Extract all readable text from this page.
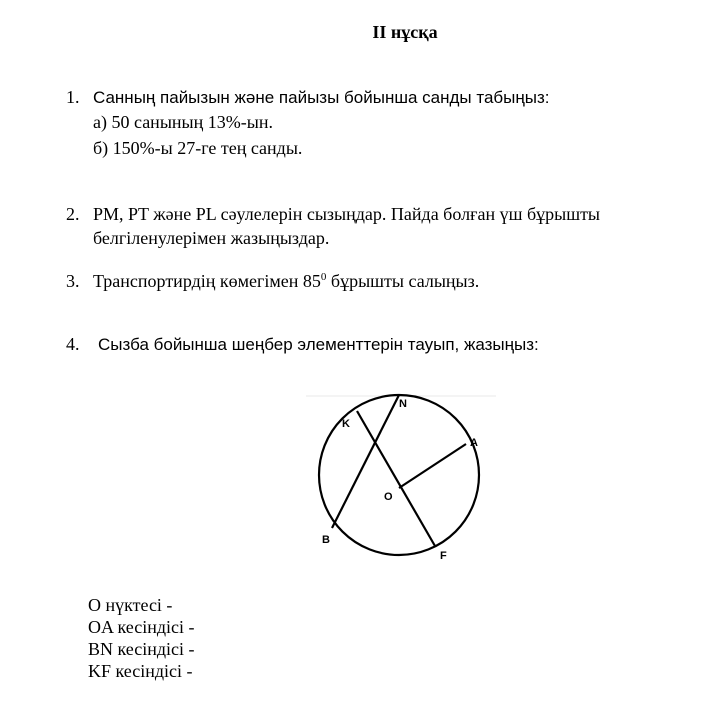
II нұсқа
1. Санның пайызын және пайызы бойынша санды табыңыз:
а) 50 санының 13%-ын.
б) 150%-ы 27-ге тең санды.
2. PM, PT және PL сәулелерін сызыңдар. Пайда болған үш бұрышты
белгіленулерімен жазыңыздар.
3. Транспортирдің көмегімен $85^0$ бұрышты салыңыз.
4. Сызба бойынша шеңбер элементтерін тауып, жазыңыз:
N
K
A
O
B
F
О нүктесі -
OA кесіндісі -
BN кесіндісі -
KF кесіндісі -
